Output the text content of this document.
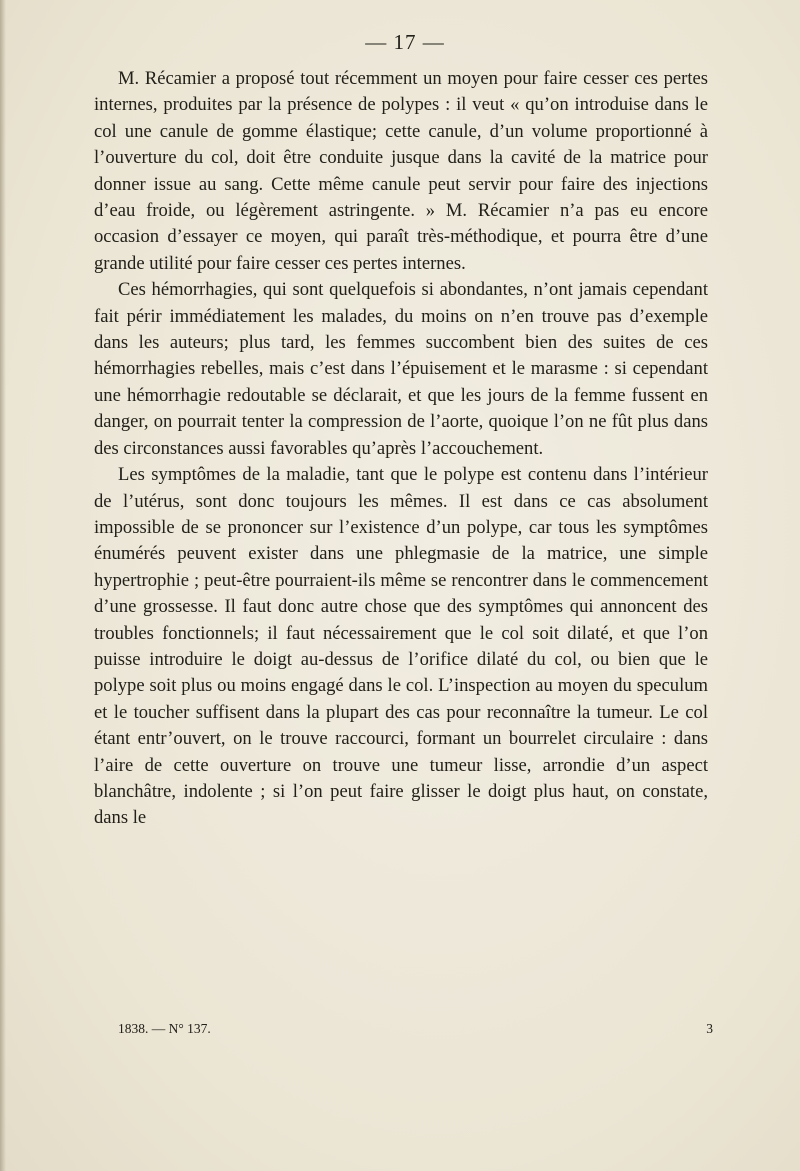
— 17 —

M. Récamier a proposé tout récemment un moyen pour faire cesser ces pertes internes, produites par la présence de polypes : il veut « qu’on introduise dans le col une canule de gomme élastique; cette canule, d’un volume proportionné à l’ouverture du col, doit être conduite jusque dans la cavité de la matrice pour donner issue au sang. Cette même canule peut servir pour faire des injections d’eau froide, ou légèrement astringente. » M. Récamier n’a pas eu encore occasion d’essayer ce moyen, qui paraît très-méthodique, et pourra être d’une grande utilité pour faire cesser ces pertes internes.

Ces hémorrhagies, qui sont quelquefois si abondantes, n’ont jamais cependant fait périr immédiatement les malades, du moins on n’en trouve pas d’exemple dans les auteurs; plus tard, les femmes succombent bien des suites de ces hémorrhagies rebelles, mais c’est dans l’épuisement et le marasme : si cependant une hémorrhagie redoutable se déclarait, et que les jours de la femme fussent en danger, on pourrait tenter la compression de l’aorte, quoique l’on ne fût plus dans des circonstances aussi favorables qu’après l’accouchement.

Les symptômes de la maladie, tant que le polype est contenu dans l’intérieur de l’utérus, sont donc toujours les mêmes. Il est dans ce cas absolument impossible de se prononcer sur l’existence d’un polype, car tous les symptômes énumérés peuvent exister dans une phlegmasie de la matrice, une simple hypertrophie ; peut-être pourraient-ils même se rencontrer dans le commencement d’une grossesse. Il faut donc autre chose que des symptômes qui annoncent des troubles fonctionnels; il faut nécessairement que le col soit dilaté, et que l’on puisse introduire le doigt au-dessus de l’orifice dilaté du col, ou bien que le polype soit plus ou moins engagé dans le col. L’inspection au moyen du speculum et le toucher suffisent dans la plupart des cas pour reconnaître la tumeur. Le col étant entr’ouvert, on le trouve raccourci, formant un bourrelet circulaire : dans l’aire de cette ouverture on trouve une tumeur lisse, arrondie d’un aspect blanchâtre, indolente ; si l’on peut faire glisser le doigt plus haut, on constate, dans le

1838. — N° 137.	3
